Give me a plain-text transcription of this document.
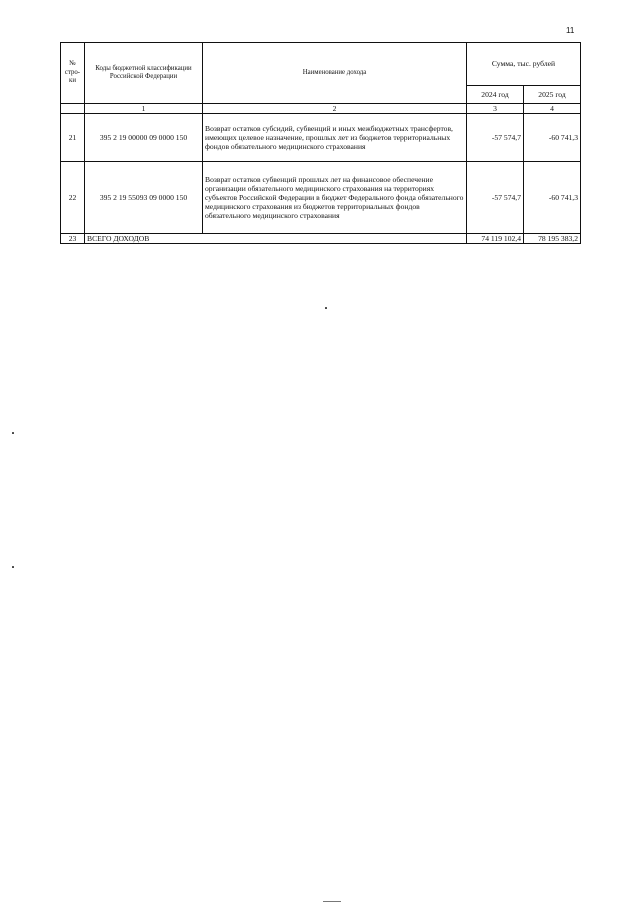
11
№ стро-ки	Коды бюджетной классификации Российской Федерации	Наименование дохода	Сумма, тыс. рублей	
			2024 год	2025 год
	1	2	3	4
21	395 2 19 00000 09 0000 150	Возврат остатков субсидий, субвенций и иных межбюджетных трансфертов, имеющих целевое назначение, прошлых лет из бюджетов территориальных фондов обязательного медицинского страхования	-57 574,7	-60 741,3
22	395 2 19 55093 09 0000 150	Возврат остатков субвенций прошлых лет на финансовое обеспечение организации обязательного медицинского страхования на территориях субъектов Российской Федерации в бюджет Федерального фонда обязательного медицинского страхования из бюджетов территориальных фондов обязательного медицинского страхования	-57 574,7	-60 741,3
23	ВСЕГО ДОХОДОВ		74 119 102,4	78 195 383,2
